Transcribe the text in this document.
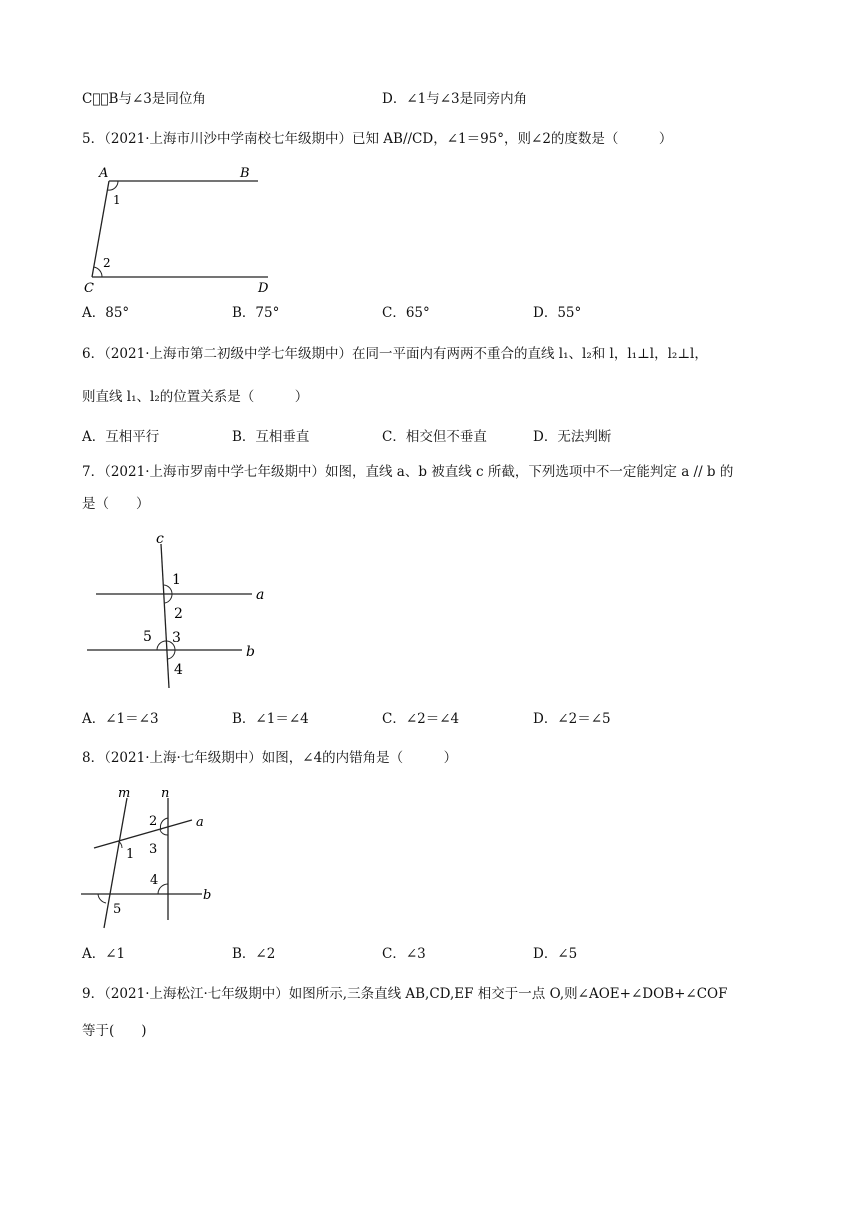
C．⃕B与∠3是同位角	D．∠1与∠3是同旁内角
5．（2021·上海市川沙中学南校七年级期中）已知 AB//CD，∠1＝95°，则∠2的度数是（　　　）
A	B
C	D
1
2
A．85°	B．75°	C．65°	D．55°
6．（2021·上海市第二初级中学七年级期中）在同一平面内有两两不重合的直线 l₁、l₂和 l，l₁⊥l，l₂⊥l，
则直线 l₁、l₂的位置关系是（　　　）
A．互相平行	B．互相垂直	C．相交但不垂直	D．无法判断
7．（2021·上海市罗南中学七年级期中）如图，直线 a、b 被直线 c 所截，下列选项中不一定能判定 a // b 的
是（　　）
c
a
b
1
2
3
4
5
A．∠1＝∠3	B．∠1＝∠4	C．∠2＝∠4	D．∠2＝∠5
8．（2021·上海·七年级期中）如图，∠4的内错角是（　　　）
m n
a
b
1
2
3
4
5
A．∠1	B．∠2	C．∠3	D．∠5
9．（2021·上海松江·七年级期中）如图所示,三条直线 AB,CD,EF 相交于一点 O,则∠AOE+∠DOB+∠COF
等于(　　)
